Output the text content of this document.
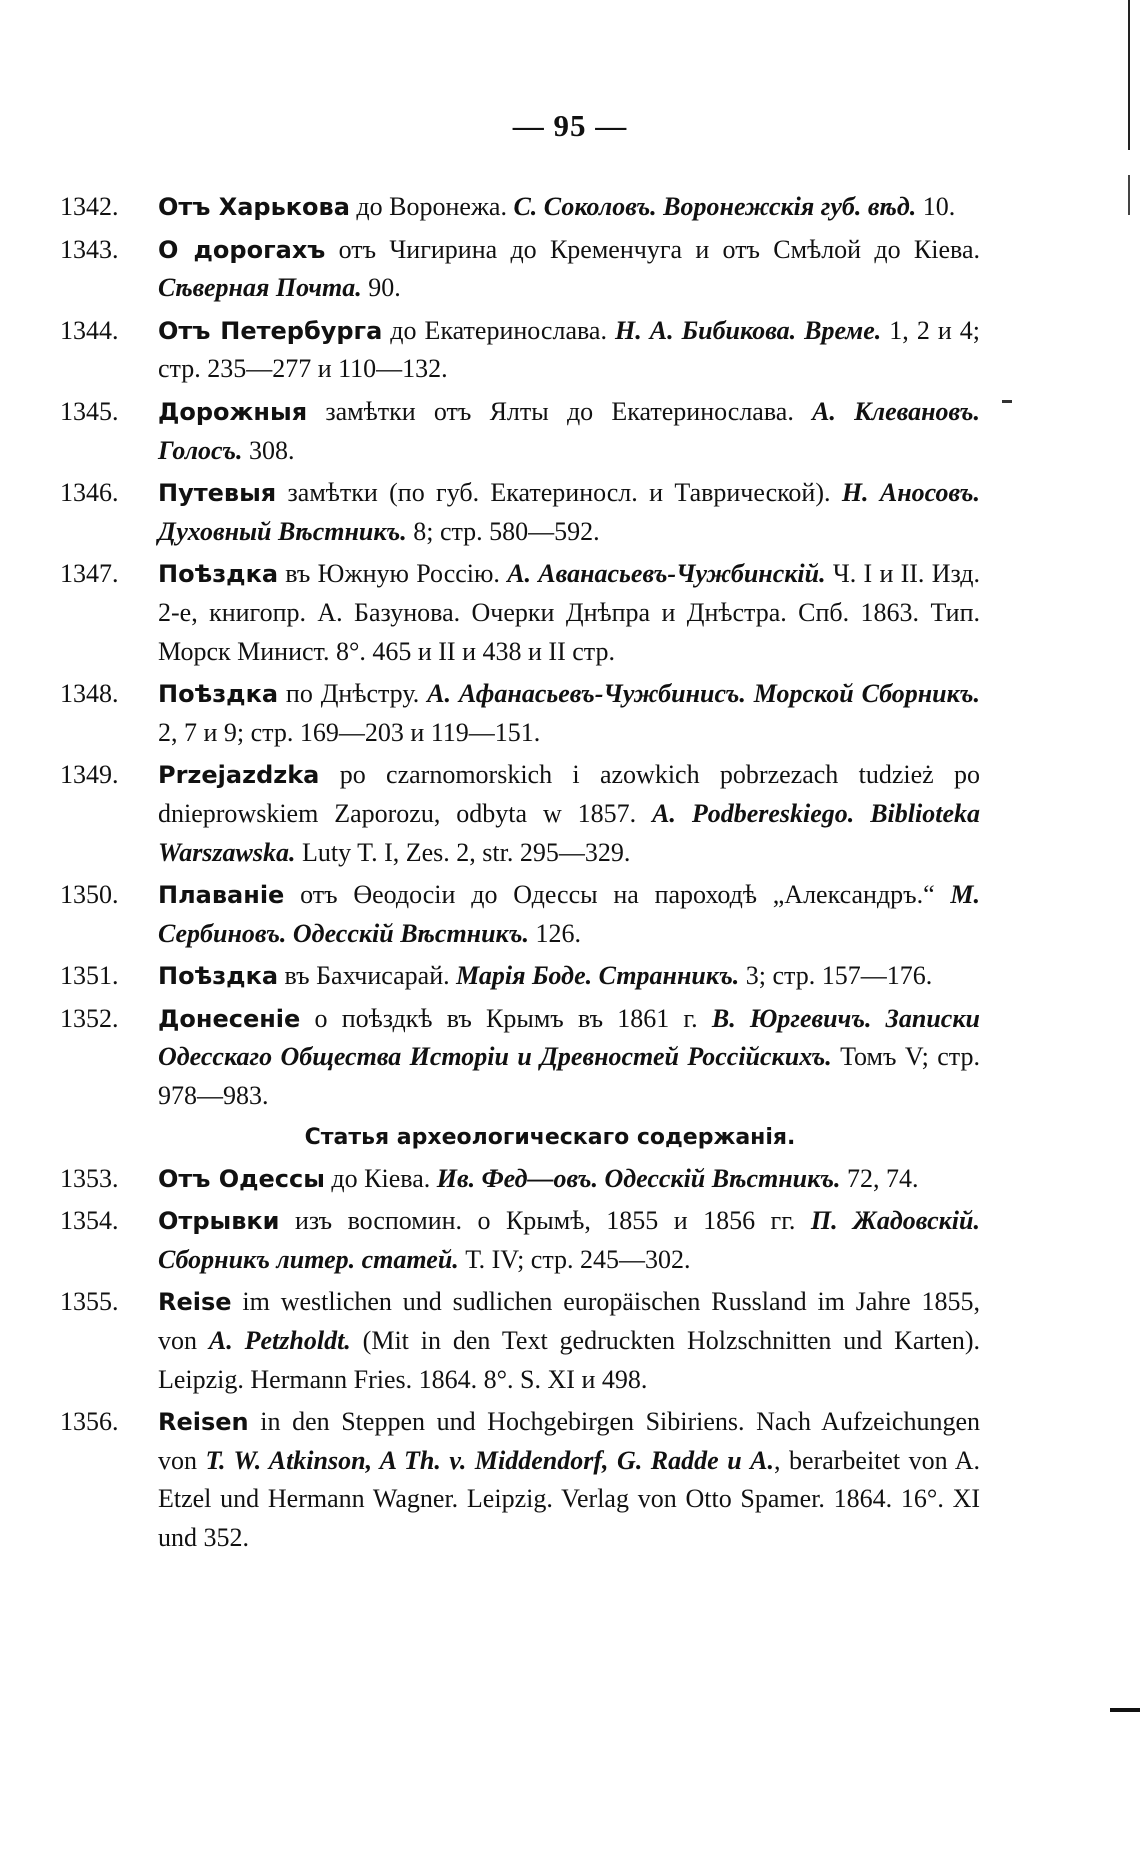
— 95 —
1342.	Отъ Харькова до Воронежа. С. Соколовъ. Воронежскія губ. вѣд. 10.
1343.	О дорогахъ отъ Чигирина до Кременчуга и отъ Смѣлой до Кіева. Сѣверная Почта. 90.
1344.	Отъ Петербурга до Екатеринослава. Н. А. Бибикова. Време. 1, 2 и 4; стр. 235—277 и 110—132.
1345.	Дорожныя замѣтки отъ Ялты до Екатеринослава. А. Клевановъ. Голосъ. 308.
1346.	Путевыя замѣтки (по губ. Екатериносл. и Таврической). Н. Аносовъ. Духовный Вѣстникъ. 8; стр. 580—592.
1347.	Поѣздка въ Южную Россію. А. Аванасьевъ-Чужбинскій. Ч. I и II. Изд. 2-е, книгопр. А. Базунова. Очерки Днѣпра и Днѣстра. Спб. 1863. Тип. Морск Минист. 8°. 465 и II и 438 и II стр.
1348.	Поѣздка по Днѣстру. А. Афанасьевъ-Чужбинисъ. Морской Сборникъ. 2, 7 и 9; стр. 169—203 и 119—151.
1349.	Przejazdzka po czarnomorskich i azowkich pobrzezach tudzież po dnieprowskiem Zaporozu, odbyta w 1857. A. Podbereskiego. Biblioteka Warszawska. Luty T. I, Zes. 2, str. 295—329.
1350.	Плаваніе отъ Өеодосіи до Одессы на пароходѣ „Александръ.“ М. Сербиновъ. Одесскій Вѣстникъ. 126.
1351.	Поѣздка въ Бахчисарай. Марія Боде. Странникъ. 3; стр. 157—176.
1352.	Донесеніе о поѣздкѣ въ Крымъ въ 1861 г. В. Юргевичъ. Записки Одесскаго Общества Исторіи и Древностей Россійскихъ. Томъ V; стр. 978—983.
Статья археологическаго содержанія.
1353.	Отъ Одессы до Кіева. Ив. Фед—овъ. Одесскій Вѣстникъ. 72, 74.
1354.	Отрывки изъ воспомин. о Крымѣ, 1855 и 1856 гг. П. Жадовскій. Сборникъ литер. статей. Т. IV; стр. 245—302.
1355.	Reise im westlichen und sudlichen europäischen Russland im Jahre 1855, von A. Petzholdt. (Mit in den Text gedruckten Holzschnitten und Karten). Leipzig. Hermann Fries. 1864. 8°. S. XI и 498.
1356.	Reisen in den Steppen und Hochgebirgen Sibiriens. Nach Aufzeichungen von T. W. Atkinson, A Th. v. Middendorf, G. Radde и A., berarbeitet von A. Etzel und Hermann Wagner. Leipzig. Verlag von Otto Spamer. 1864. 16°. XI und 352.
